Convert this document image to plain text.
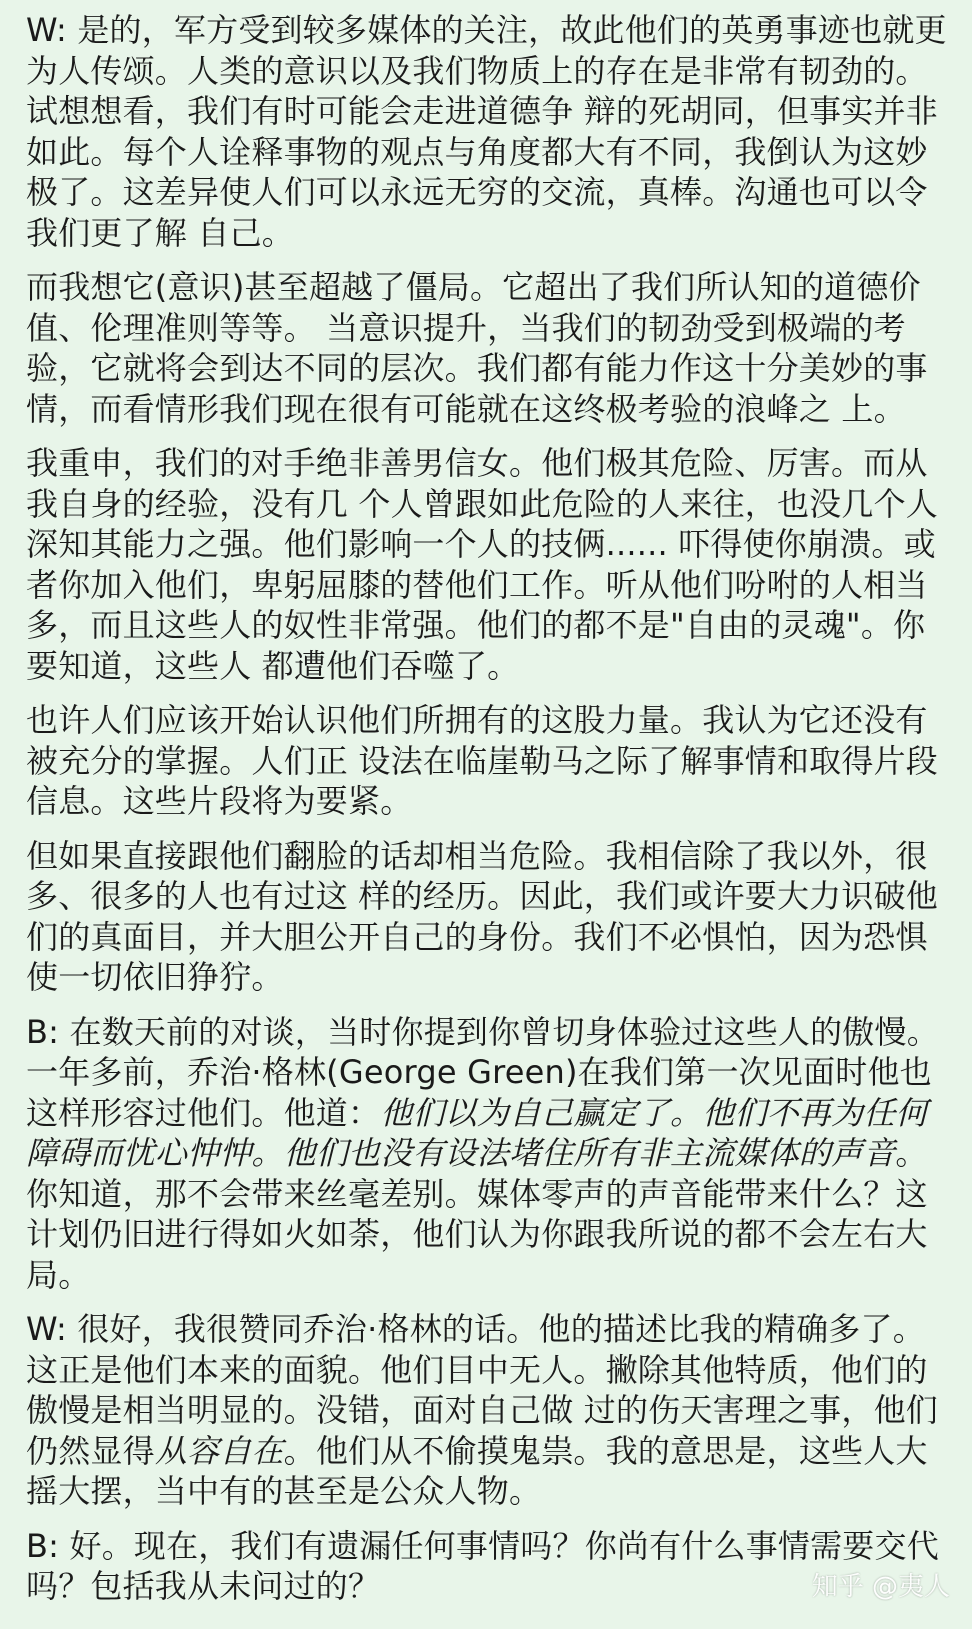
W: 是的，军方受到较多媒体的关注，故此他们的英勇事迹也就更为人传颂。人类的意识以及我们物质上的存在是非常有韧劲的。试想想看，我们有时可能会走进道德争 辩的死胡同，但事实并非如此。每个人诠释事物的观点与角度都大有不同，我倒认为这妙极了。这差异使人们可以永远无穷的交流，真棒。沟通也可以令我们更了解 自己。

而我想它(意识)甚至超越了僵局。它超出了我们所认知的道德价值、伦理准则等等。 当意识提升，当我们的韧劲受到极端的考验，它就将会到达不同的层次。我们都有能力作这十分美妙的事情，而看情形我们现在很有可能就在这终极考验的浪峰之 上。

我重申，我们的对手绝非善男信女。他们极其危险、厉害。而从我自身的经验，没有几 个人曾跟如此危险的人来往，也没几个人深知其能力之强。他们影响一个人的技俩...... 吓得使你崩溃。或者你加入他们，卑躬屈膝的替他们工作。听从他们吩咐的人相当多，而且这些人的奴性非常强。他们的都不是"自由的灵魂"。你要知道，这些人 都遭他们吞噬了。

也许人们应该开始认识他们所拥有的这股力量。我认为它还没有被充分的掌握。人们正 设法在临崖勒马之际了解事情和取得片段信息。这些片段将为要紧。

但如果直接跟他们翻脸的话却相当危险。我相信除了我以外，很多、很多的人也有过这 样的经历。因此，我们或许要大力识破他们的真面目，并大胆公开自己的身份。我们不必惧怕，因为恐惧使一切依旧狰狞。

B: 在数天前的对谈，当时你提到你曾切身体验过这些人的傲慢。一年多前，乔治·格林(George Green)在我们第一次见面时他也这样形容过他们。他道：他们以为自己赢定了。他们不再为任何障碍而忧心忡忡。他们也没有设法堵住所有非主流媒体的声音。你知道，那不会带来丝毫差别。媒体零声的声音能带来什么？这计划仍旧进行得如火如荼，他们认为你跟我所说的都不会左右大局。

W: 很好，我很赞同乔治·格林的话。他的描述比我的精确多了。这正是他们本来的面貌。他们目中无人。撇除其他特质，他们的傲慢是相当明显的。没错，面对自己做 过的伤天害理之事，他们仍然显得从容自在。他们从不偷摸鬼祟。我的意思是，这些人大摇大摆，当中有的甚至是公众人物。

B: 好。现在，我们有遗漏任何事情吗？你尚有什么事情需要交代吗？包括我从未问过的？	知乎 @夷人
